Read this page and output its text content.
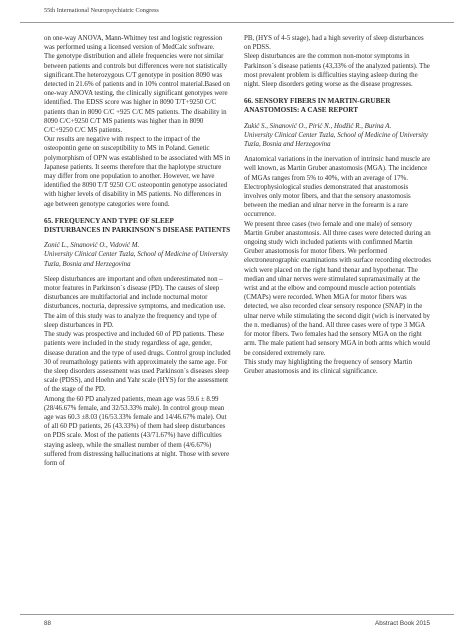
55th International Neuropsychiatric Congress

on one-way ANOVA, Mann-Whitney test and logistic regression was performed using a licensed version of MedCalc software.

The genotype distribution and allele frequencies were not similar between patients and controls but differences were not statistically significant.The heterozygous C/T genotype in position 8090 was detected in 21.6% of patients and in 10% control material.Based on one-way ANOVA testing, the clinically significant genotypes were identified. The EDSS score was higher in 8090 T/T+9250 C/C patients than in 8090 C/C +925 C/C MS patients. The disability in 8090 C/C+9250 C/T MS patients was higher than in 8090 C/C+9250 C/C MS patients.

Our results are negative with respect to the impact of the osteopontin gene on susceptibility to MS in Poland. Genetic polymorphism of OPN was established to be associated with MS in Japanese patients. It seems therefore that the haplotype structure may differ from one population to another. However, we have identified the 8090 T/T 9250 C/C osteopontin genotype associated with higher levels of disability in MS patients. No differences in age between genotype categories were found.

65. FREQUENCY AND TYPE OF SLEEP DISTURBANCES IN PARKINSON`S DISEASE PATIENTS

Zonić L., Sinanović O., Vidović M.

University Clinical Center Tuzla, School of Medicine of University Tuzla, Bosnia and Herzegovina

Sleep disturbances are important and often underestimated non – motor features in Parkinson`s disease (PD). The causes of sleep disturbances are multifactorial and include nocturnal motor disturbances, nocturia, depressive symptoms, and medication use. The aim of this study was to analyze the frequency and type of sleep disturbances in PD.

The study was prospective and included 60 of PD patients. These patients were included in the study regardless of age, gender, disease duration and the type of used drugs. Control group included 30 of reumathology patients with approximately the same age. For the sleep disorders assessment was used Parkinson`s diseases sleep scale (PDSS), and Hoehn and Yahr scale (HYS) for the assessment of the stage of the PD.

Among the 60 PD analyzed patients, mean age was 59.6 ± 8.99 (28/46.67% female, and 32/53.33% male). In control group mean age was 60.3 ±8.03 (16/53.33% female and 14/46.67% male). Out of all 60 PD patients, 26 (43.33%) of them had sleep disturbances on PDS scale. Most of the patients (43/71.67%) have difficulties staying asleep, while the smallest number of them (4/6.67%) suffered from distressing hallucinations at night. Those with severe form of

PB, (HYS of 4-5 stage), had a high severity of sleep disturbances on PDSS.

Sleep disturbances are the common non-motor symptoms in Parkinson`s disease patients (43,33% of the analyzed patients). The most prevalent problem is difficulties staying asleep during the night. Sleep disorders geting worse as the disease progresses.

66. SENSORY FIBERS IN MARTIN-GRUBER ANASTOMOSIS: A CASE REPORT

Zukić S., Sinanović O., Pirić N., Hodžić R., Burina A.

University Clinical Center Tuzla, School of Medicine of University Tuzla, Bosnia and Herzegovina

Anatomical variations in the inervation of intrinsic hand muscle are well known, as Martin Gruber anastomosis (MGA). The incidence of MGAs ranges from 5% to 40%, with an average of 17%. Electrophysiological studies demonstrated that anastomosis involves only motor fibers, and that the sensory anastomosis between the median and ulnar nerve in the forearm is a rare occurrence.

We present three cases (two female and one male) of sensory Martin Gruber anastomosis. All three cases were detected during an ongoing study wich included patients with confimned Martin Gruber anastomosis for motor fibers. We performed electroneurographic examinations with surface recording electrodes wich were placed on the right hand thenar and hypothenar. The median and ulnar nerves were stimulated supramaximally at the wrist and at the elbow and compound muscle action potentials (CMAPs) were recorded. When MGA for motor fibers was detected, we also recorded clear sensory responce (SNAP) in the ulnar nerve while stimulating the second digit (wich is inervated by the n. medianus) of the hand. All three cases were of type 3 MGA for motor fibers. Two females had the sensory MGA on the right arm. The male patient had sensory MGA in both arms which would be considered extremely rare.

This study may highlighting the frequency of sensory Martin Gruber anastomosis and its clinical significance.

88	Abstract Book 2015
